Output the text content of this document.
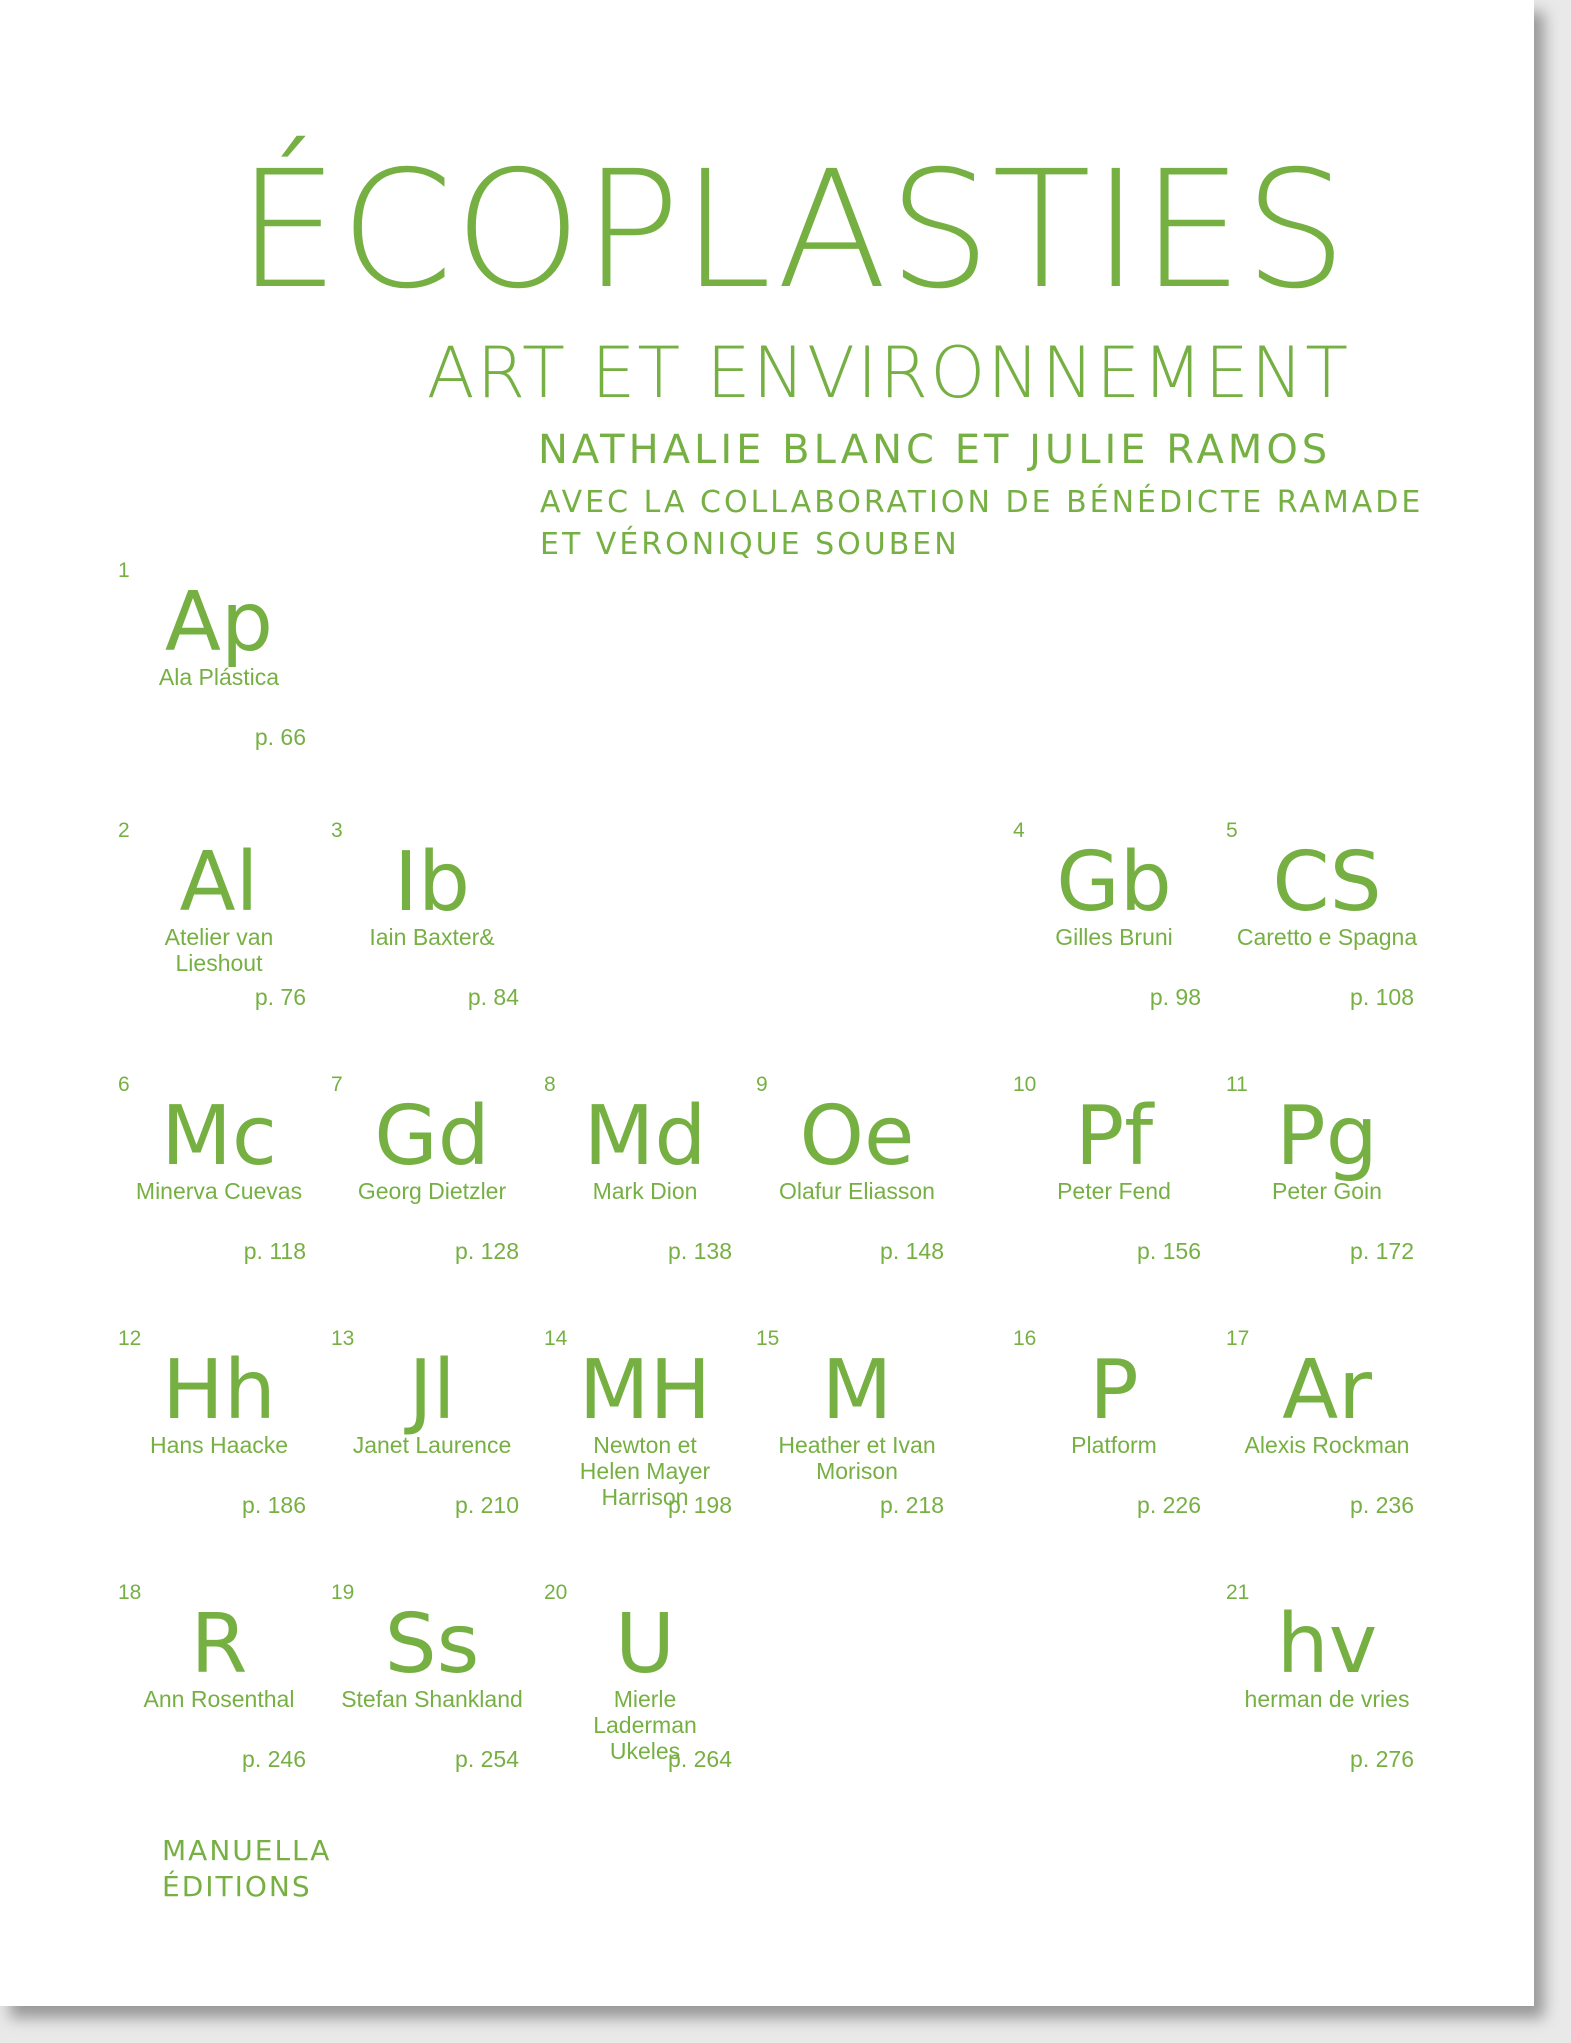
ÉCOPLASTIES
ART ET ENVIRONNEMENT
NATHALIE BLANC ET JULIE RAMOS
AVEC LA COLLABORATION DE BÉNÉDICTE RAMADE
ET VÉRONIQUE SOUBEN
1
Ap
Ala Plástica
p. 66
2
Al
Atelier van Lieshout
p. 76
3
Ib
Iain Baxter&
p. 84
4
Gb
Gilles Bruni
p. 98
5
CS
Caretto e Spagna
p. 108
6
Mc
Minerva Cuevas
p. 118
7
Gd
Georg Dietzler
p. 128
8
Md
Mark Dion
p. 138
9
Oe
Olafur Eliasson
p. 148
10
Pf
Peter Fend
p. 156
11
Pg
Peter Goin
p. 172
12
Hh
Hans Haacke
p. 186
13
Jl
Janet Laurence
p. 210
14
MH
Newton et Helen Mayer Harrison
p. 198
15
M
Heather et Ivan Morison
p. 218
16
P
Platform
p. 226
17
Ar
Alexis Rockman
p. 236
18
R
Ann Rosenthal
p. 246
19
Ss
Stefan Shankland
p. 254
20
U
Mierle Laderman Ukeles
p. 264
21
hv
herman de vries
p. 276
MANUELLA
ÉDITIONS
